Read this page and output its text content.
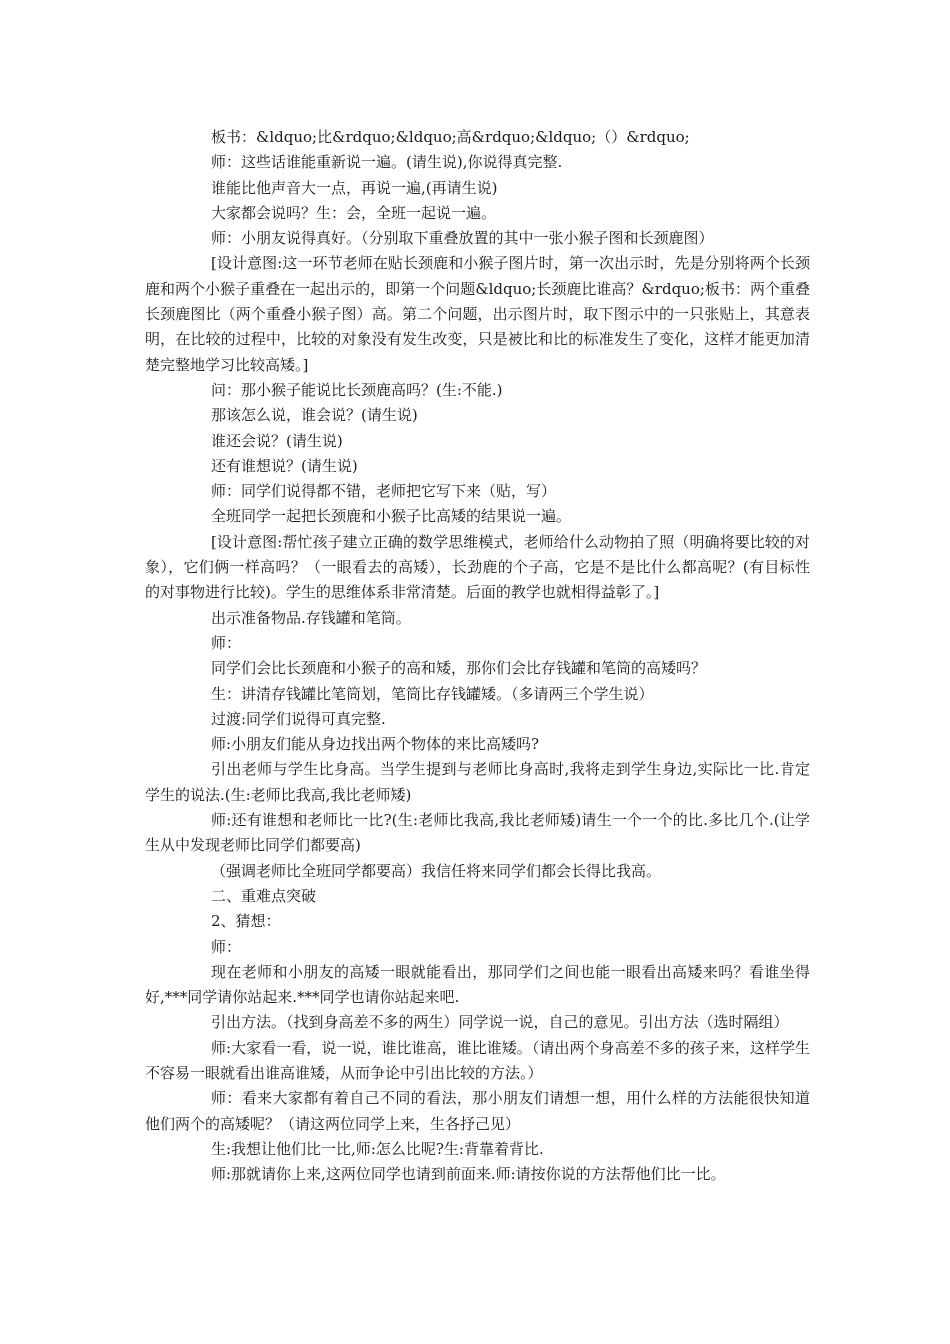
板书：&ldquo;比&rdquo;&ldquo;高&rdquo;&ldquo;（）&rdquo;

师：这些话谁能重新说一遍。(请生说),你说得真完整.

谁能比他声音大一点，再说一遍,(再请生说)

大家都会说吗？生：会，全班一起说一遍。

师：小朋友说得真好。（分别取下重叠放置的其中一张小猴子图和长颈鹿图）

[设计意图:这一环节老师在贴长颈鹿和小猴子图片时，第一次出示时，先是分别将两个长颈鹿和两个小猴子重叠在一起出示的，即第一个问题&ldquo;长颈鹿比谁高？&rdquo;板书：两个重叠长颈鹿图比（两个重叠小猴子图）高。第二个问题，出示图片时，取下图示中的一只张贴上，其意表明，在比较的过程中，比较的对象没有发生改变，只是被比和比的标准发生了变化，这样才能更加清楚完整地学习比较高矮。]

问：那小猴子能说比长颈鹿高吗？(生:不能.)

那该怎么说，谁会说？(请生说)

谁还会说？(请生说)

还有谁想说？(请生说)

师：同学们说得都不错，老师把它写下来（贴，写）

全班同学一起把长颈鹿和小猴子比高矮的结果说一遍。

[设计意图:帮忙孩子建立正确的数学思维模式，老师给什么动物拍了照（明确将要比较的对象），它们俩一样高吗？（一眼看去的高矮），长劲鹿的个子高，它是不是比什么都高呢？(有目标性的对事物进行比较)。学生的思维体系非常清楚。后面的教学也就相得益彰了。]

出示准备物品.存钱罐和笔筒。

师：

同学们会比长颈鹿和小猴子的高和矮，那你们会比存钱罐和笔筒的高矮吗？

生：讲清存钱罐比笔筒划，笔筒比存钱罐矮。（多请两三个学生说）

过渡:同学们说得可真完整.

师:小朋友们能从身边找出两个物体的来比高矮吗?

引出老师与学生比身高。当学生提到与老师比身高时,我将走到学生身边,实际比一比.肯定学生的说法.(生:老师比我高,我比老师矮)

师:还有谁想和老师比一比?(生:老师比我高,我比老师矮)请生一个一个的比.多比几个.(让学生从中发现老师比同学们都要高)

（强调老师比全班同学都要高）我信任将来同学们都会长得比我高。

二、重难点突破

2、猜想：

师：

现在老师和小朋友的高矮一眼就能看出，那同学们之间也能一眼看出高矮来吗？看谁坐得好,***同学请你站起来.***同学也请你站起来吧.

引出方法。（找到身高差不多的两生）同学说一说，自己的意见。引出方法（选时隔组）

师:大家看一看，说一说，谁比谁高，谁比谁矮。（请出两个身高差不多的孩子来，这样学生不容易一眼就看出谁高谁矮，从而争论中引出比较的方法。）

师：看来大家都有着自己不同的看法，那小朋友们请想一想，用什么样的方法能很快知道他们两个的高矮呢？（请这两位同学上来，生各抒己见）

生:我想让他们比一比,师:怎么比呢?生:背靠着背比.

师:那就请你上来,这两位同学也请到前面来.师:请按你说的方法帮他们比一比。
